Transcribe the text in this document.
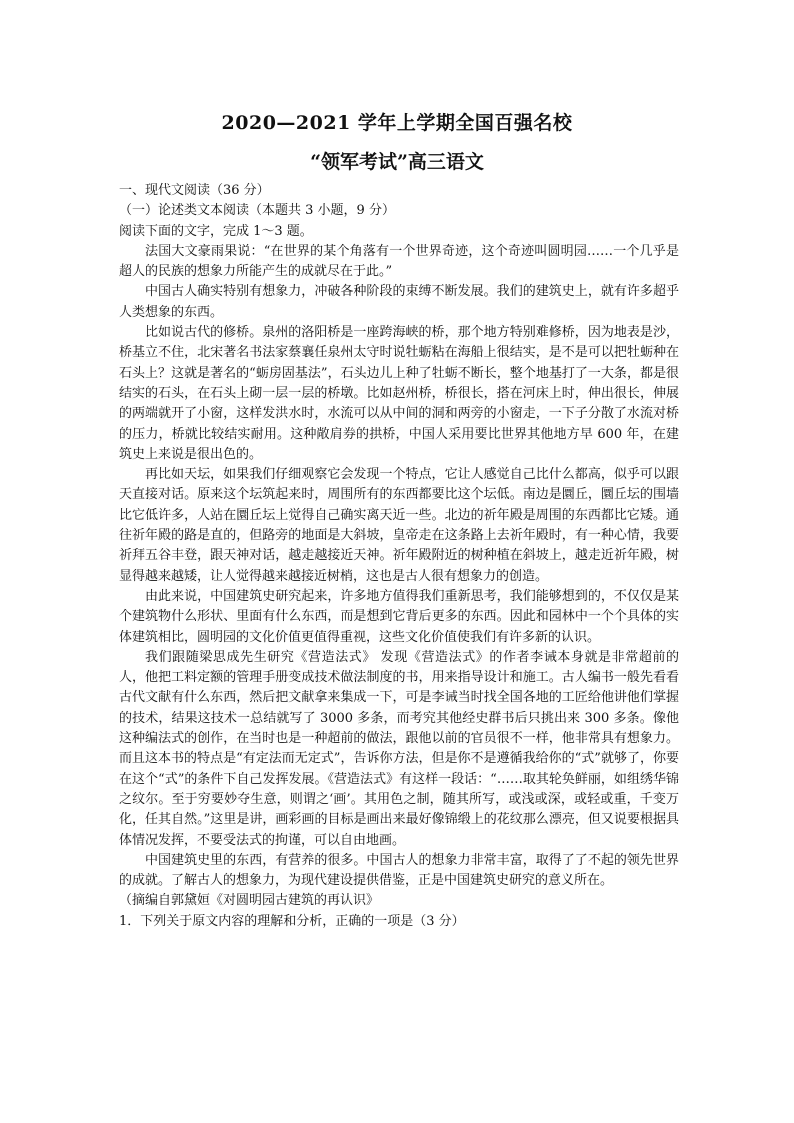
2020—2021 学年上学期全国百强名校
“领军考试”高三语文

一、现代文阅读（36 分）

（一）论述类文本阅读（本题共 3 小题，9 分）

阅读下面的文字，完成 1～3 题。

法国大文豪雨果说：“在世界的某个角落有一个世界奇迹，这个奇迹叫圆明园……一个几乎是超人的民族的想象力所能产生的成就尽在于此。”

中国古人确实特别有想象力，冲破各种阶段的束缚不断发展。我们的建筑史上，就有许多超乎人类想象的东西。

比如说古代的修桥。泉州的洛阳桥是一座跨海峡的桥，那个地方特别难修桥，因为地表是沙，桥基立不住，北宋著名书法家蔡襄任泉州太守时说牡蛎粘在海船上很结实，是不是可以把牡蛎种在石头上？这就是著名的“蛎房固基法”，石头边儿上种了牡蛎不断长，整个地基打了一大条，都是很结实的石头，在石头上砌一层一层的桥墩。比如赵州桥，桥很长，搭在河床上时，伸出很长，伸展的两端就开了小窗，这样发洪水时，水流可以从中间的洞和两旁的小窗走，一下子分散了水流对桥的压力，桥就比较结实耐用。这种敞肩券的拱桥，中国人采用要比世界其他地方早 600 年，在建筑史上来说是很出色的。

再比如天坛，如果我们仔细观察它会发现一个特点，它让人感觉自己比什么都高，似乎可以跟天直接对话。原来这个坛筑起来时，周围所有的东西都要比这个坛低。南边是圜丘，圜丘坛的围墙比它低许多，人站在圜丘坛上觉得自己确实离天近一些。北边的祈年殿是周围的东西都比它矮。通往祈年殿的路是直的，但路旁的地面是大斜坡，皇帝走在这条路上去祈年殿时，有一种心情，我要祈拜五谷丰登，跟天神对话，越走越接近天神。祈年殿附近的树种植在斜坡上，越走近祈年殿，树显得越来越矮，让人觉得越来越接近树梢，这也是古人很有想象力的创造。

由此来说，中国建筑史研究起来，许多地方值得我们重新思考，我们能够想到的，不仅仅是某个建筑物什么形状、里面有什么东西，而是想到它背后更多的东西。因此和园林中一个个具体的实体建筑相比，圆明园的文化价值更值得重视，这些文化价值使我们有许多新的认识。

我们跟随梁思成先生研究《营造法式》 发现《营造法式》的作者李诫本身就是非常超前的人，他把工料定额的管理手册变成技术做法制度的书，用来指导设计和施工。古人编书一般先看看古代文献有什么东西，然后把文献拿来集成一下，可是李诫当时找全国各地的工匠给他讲他们掌握的技术，结果这技术一总结就写了 3000 多条，而考究其他经史群书后只挑出来 300 多条。像他这种编法式的创作，在当时也是一种超前的做法，跟他以前的官员很不一样，他非常具有想象力。而且这本书的特点是“有定法而无定式”，告诉你方法，但是你不是遵循我给你的“式”就够了，你要在这个“式”的条件下自己发挥发展。《营造法式》有这样一段话：“……取其轮奂鲜丽，如组绣华锦之纹尔。至于穷要妙夺生意，则谓之‘画’。其用色之制，随其所写，或浅或深，或轻或重，千变万化，任其自然。”这里是讲，画彩画的目标是画出来最好像锦缎上的花纹那么漂亮，但又说要根据具体情况发挥，不要受法式的拘谨，可以自由地画。

中国建筑史里的东西，有营养的很多。中国古人的想象力非常丰富，取得了了不起的领先世界的成就。了解古人的想象力，为现代建设提供借鉴，正是中国建筑史研究的意义所在。

（摘编自郭黛姮《对圆明园古建筑的再认识》

1．下列关于原文内容的理解和分析，正确的一项是（3 分）
